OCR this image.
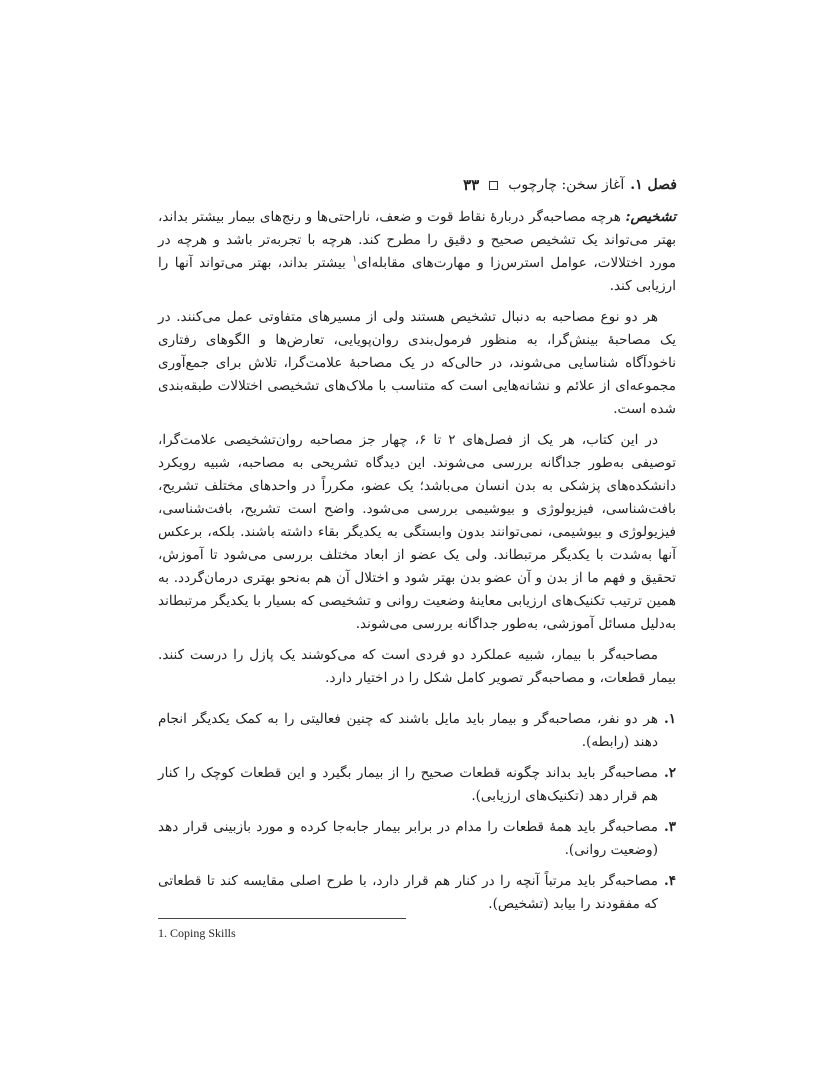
فصل ۱.
آغاز سخن: چارچوب
۳۳

تشخیص: هرچه مصاحبه‌گر دربارهٔ نقاط قوت و ضعف، ناراحتی‌ها و رنج‌های بیمار بیشتر بداند، بهتر می‌تواند یک تشخیص صحیح و دقیق را مطرح کند. هرچه با تجربه‌تر باشد و هرچه در مورد اختلالات، عوامل استرس‌زا و مهارت‌های مقابله‌ای$^۱$ بیشتر بداند، بهتر می‌تواند آنها را ارزیابی کند.

هر دو نوع مصاحبه به دنبال تشخیص هستند ولی از مسیرهای متفاوتی عمل می‌کنند. در یک مصاحبهٔ بینش‌گرا، به منظور فرمول‌بندی روان‌پویایی، تعارض‌ها و الگوهای رفتاری ناخودآگاه شناسایی می‌شوند، در حالی‌که در یک مصاحبهٔ علامت‌گرا، تلاش برای جمع‌آوری مجموعه‌ای از علائم و نشانه‌هایی است که متناسب با ملاک‌های تشخیصی اختلالات طبقه‌بندی شده است.

در این کتاب، هر یک از فصل‌های ۲ تا ۶، چهار جز مصاحبه روان‌تشخیصی علامت‌گرا، توصیفی به‌طور جداگانه بررسی می‌شوند. این دیدگاه تشریحی به مصاحبه، شبیه رویکرد دانشکده‌های پزشکی به بدن انسان می‌باشد؛ یک عضو، مکرراً در واحدهای مختلف تشریح، بافت‌شناسی، فیزیولوژی و بیوشیمی بررسی می‌شود. واضح است تشریح، بافت‌شناسی، فیزیولوژی و بیوشیمی، نمی‌توانند بدون وابستگی به یکدیگر بقاء داشته باشند. بلکه، برعکس آنها به‌شدت با یکدیگر مرتبطاند. ولی یک عضو از ابعاد مختلف بررسی می‌شود تا آموزش، تحقیق و فهم ما از بدن و آن عضو بدن بهتر شود و اختلال آن هم به‌نحو بهتری درمان‌گردد. به همین ترتیب تکنیک‌های ارزیابی معاینهٔ وضعیت روانی و تشخیصی که بسیار با یکدیگر مرتبطاند به‌دلیل مسائل آموزشی، به‌طور جداگانه بررسی می‌شوند.

مصاحبه‌گر با بیمار، شبیه عملکرد دو فردی است که می‌کوشند یک پازل را درست کنند. بیمار قطعات، و مصاحبه‌گر تصویر کامل شکل را در اختیار دارد.

۱.
هر دو نفر، مصاحبه‌گر و بیمار باید مایل باشند که چنین فعالیتی را به کمک یکدیگر انجام دهند (رابطه).
۲.
مصاحبه‌گر باید بداند چگونه قطعات صحیح را از بیمار بگیرد و این قطعات کوچک را کنار هم قرار دهد (تکنیک‌های ارزیابی).
۳.
مصاحبه‌گر باید همهٔ قطعات را مدام در برابر بیمار جابه‌جا کرده و مورد بازبینی قرار دهد (وضعیت روانی).
۴.
مصاحبه‌گر باید مرتباً آنچه را در کنار هم قرار دارد، با طرح اصلی مقایسه کند تا قطعاتی که مفقودند را بیابد (تشخیص).
1. Coping Skills
